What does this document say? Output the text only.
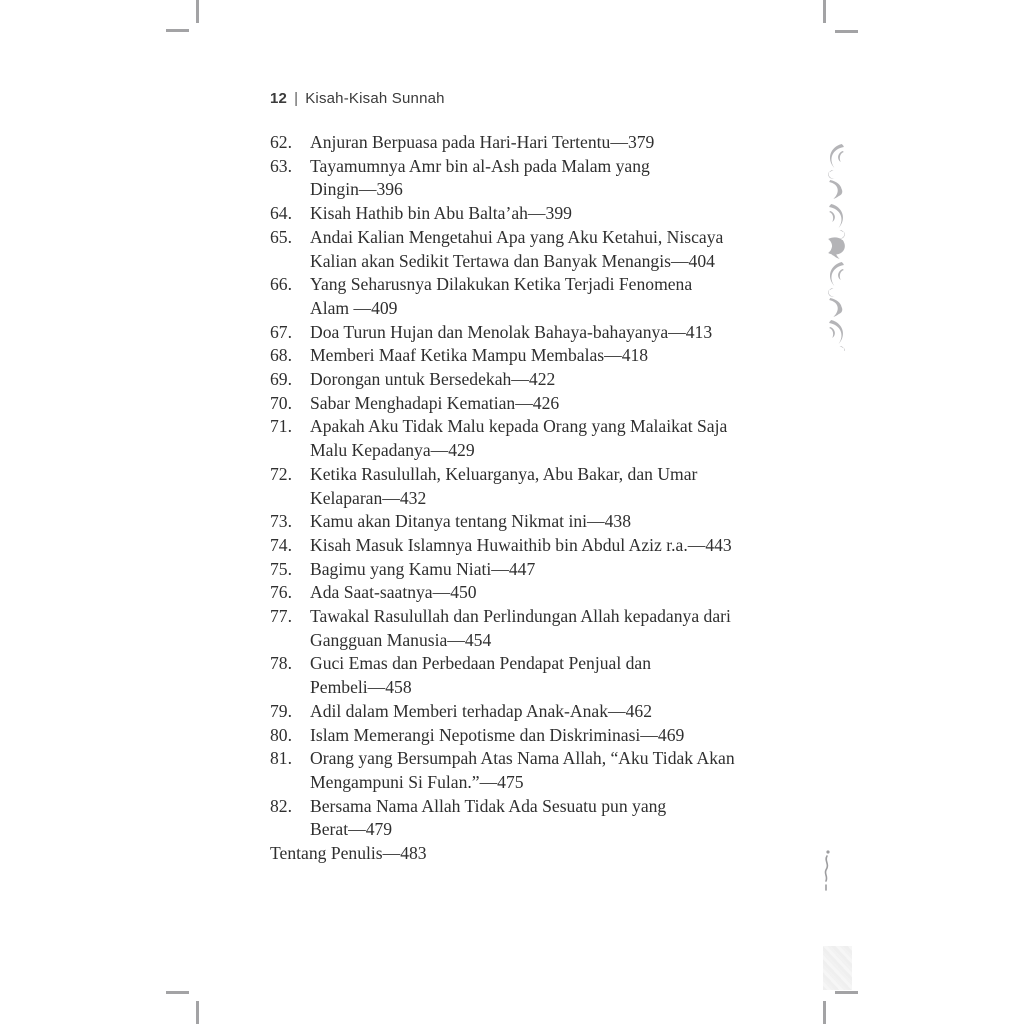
12 | Kisah-Kisah Sunnah
62.	Anjuran Berpuasa pada Hari-Hari Tertentu—379
63.	Tayamumnya Amr bin al-Ash pada Malam yang
Dingin—396
64.	Kisah Hathib bin Abu Balta’ah—399
65.	Andai Kalian Mengetahui Apa yang Aku Ketahui, Niscaya
Kalian akan Sedikit Tertawa dan Banyak Menangis—404
66.	Yang Seharusnya Dilakukan Ketika Terjadi Fenomena
Alam —409
67.	Doa Turun Hujan dan Menolak Bahaya-bahayanya—413
68.	Memberi Maaf Ketika Mampu Membalas—418
69.	Dorongan untuk Bersedekah—422
70.	Sabar Menghadapi Kematian—426
71.	Apakah Aku Tidak Malu kepada Orang yang Malaikat Saja
Malu Kepadanya—429
72.	Ketika Rasulullah, Keluarganya, Abu Bakar, dan Umar
Kelaparan—432
73.	Kamu akan Ditanya tentang Nikmat ini—438
74.	Kisah Masuk Islamnya Huwaithib bin Abdul Aziz r.a.—443
75.	Bagimu yang Kamu Niati—447
76.	Ada Saat-saatnya—450
77.	Tawakal Rasulullah dan Perlindungan Allah kepadanya dari
Gangguan Manusia—454
78.	Guci Emas dan Perbedaan Pendapat Penjual dan
Pembeli—458
79.	Adil dalam Memberi terhadap Anak-Anak—462
80.	Islam Memerangi Nepotisme dan Diskriminasi—469
81.	Orang yang Bersumpah Atas Nama Allah, “Aku Tidak Akan
Mengampuni Si Fulan.”—475
82.	Bersama Nama Allah Tidak Ada Sesuatu pun yang
Berat—479
Tentang Penulis—483
